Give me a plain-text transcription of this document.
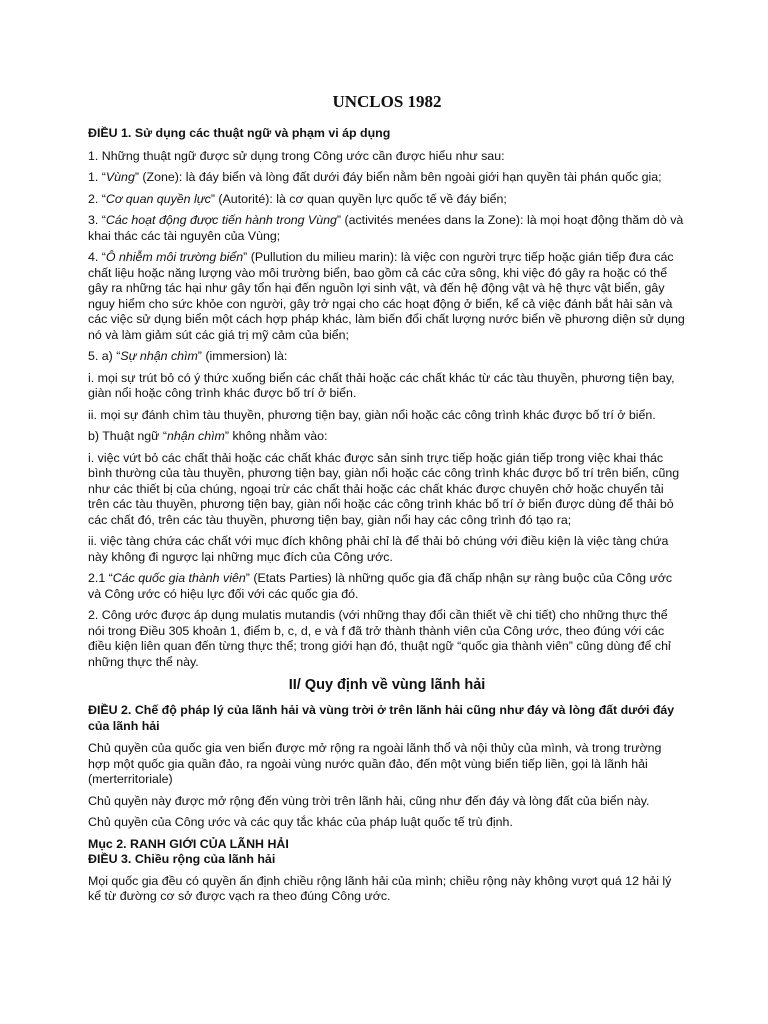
UNCLOS 1982
ĐIỀU 1. Sử dụng các thuật ngữ và phạm vi áp dụng

1. Những thuật ngữ được sử dụng trong Công ước cần được hiểu như sau:

1. “Vùng” (Zone): là đáy biển và lòng đất dưới đáy biển nằm bên ngoài giới hạn quyền tài phán quốc gia;

2. “Cơ quan quyền lực” (Autorité): là cơ quan quyền lực quốc tế về đáy biển;

3. “Các hoạt động được tiến hành trong Vùng” (activités menées dans la Zone): là mọi hoạt động thăm dò và khai thác các tài nguyên của Vùng;

4. “Ô nhiễm môi trường biển” (Pullution du milieu marin): là việc con người trực tiếp hoặc gián tiếp đưa các chất liệu hoặc năng lượng vào môi trường biển, bao gồm cả các cửa sông, khi việc đó gây ra hoặc có thể gây ra những tác hại như gây tổn hại đến nguồn lợi sinh vật, và đến hệ động vật và hệ thực vật biển, gây nguy hiểm cho sức khỏe con người, gây trở ngại cho các hoạt động ở biển, kể cả việc đánh bắt hải sản và các việc sử dụng biển một cách hợp pháp khác, làm biến đổi chất lượng nước biển về phương diện sử dụng nó và làm giảm sút các giá trị mỹ cảm của biển;

5. a) “Sự nhận chìm” (immersion) là:

i. mọi sự trút bỏ có ý thức xuống biển các chất thải hoặc các chất khác từ các tàu thuyền, phương tiện bay, giàn nổi hoặc công trình khác được bố trí ở biển.

ii. mọi sự đánh chìm tàu thuyền, phương tiện bay, giàn nổi hoặc các công trình khác được bố trí ở biển.

b) Thuật ngữ “nhận chìm” không nhằm vào:

i. việc vứt bỏ các chất thải hoặc các chất khác được sản sinh trực tiếp hoặc gián tiếp trong việc khai thác bình thường của tàu thuyền, phương tiện bay, giàn nổi hoặc các công trình khác được bố trí trên biển, cũng như các thiết bị của chúng, ngoại trừ các chất thải hoặc các chất khác được chuyên chở hoặc chuyển tải trên các tàu thuyền, phương tiện bay, giàn nổi hoặc các công trình khác bố trí ở biển được dùng để thải bỏ các chất đó, trên các tàu thuyền, phương tiện bay, giàn nổi hay các công trình đó tạo ra;

ii. việc tàng chứa các chất với mục đích không phải chỉ là để thải bỏ chúng với điều kiện là việc tàng chứa này không đi ngược lại những mục đích của Công ước.

2.1 “Các quốc gia thành viên” (Etats Parties) là những quốc gia đã chấp nhận sự ràng buộc của Công ước và Công ước có hiệu lực đối với các quốc gia đó.

2. Công ước được áp dụng mulatis mutandis (với những thay đổi cần thiết về chi tiết) cho những thực thể nói trong Điều 305 khoản 1, điểm b, c, d, e và f đã trở thành thành viên của Công ước, theo đúng với các điều kiện liên quan đến từng thực thể; trong giới hạn đó, thuật ngữ “quốc gia thành viên” cũng dùng để chỉ những thực thể này.

II/ Quy định về vùng lãnh hải
ĐIỀU 2. Chế độ pháp lý của lãnh hải và vùng trời ở trên lãnh hải cũng như đáy và lòng đất dưới đáy của lãnh hải

Chủ quyền của quốc gia ven biển được mở rộng ra ngoài lãnh thổ và nội thủy của mình, và trong trường hợp một quốc gia quần đảo, ra ngoài vùng nước quần đảo, đến một vùng biển tiếp liền, gọi là lãnh hải (merterritoriale)

Chủ quyền này được mở rộng đến vùng trời trên lãnh hải, cũng như đến đáy và lòng đất của biển này.

Chủ quyền của Công ước và các quy tắc khác của pháp luật quốc tế trù định.

Mục 2. RANH GIỚI CỦA LÃNH HẢI
ĐIỀU 3. Chiều rộng của lãnh hải

Mọi quốc gia đều có quyền ấn định chiều rộng lãnh hải của mình; chiều rộng này không vượt quá 12 hải lý kể từ đường cơ sở được vạch ra theo đúng Công ước.
